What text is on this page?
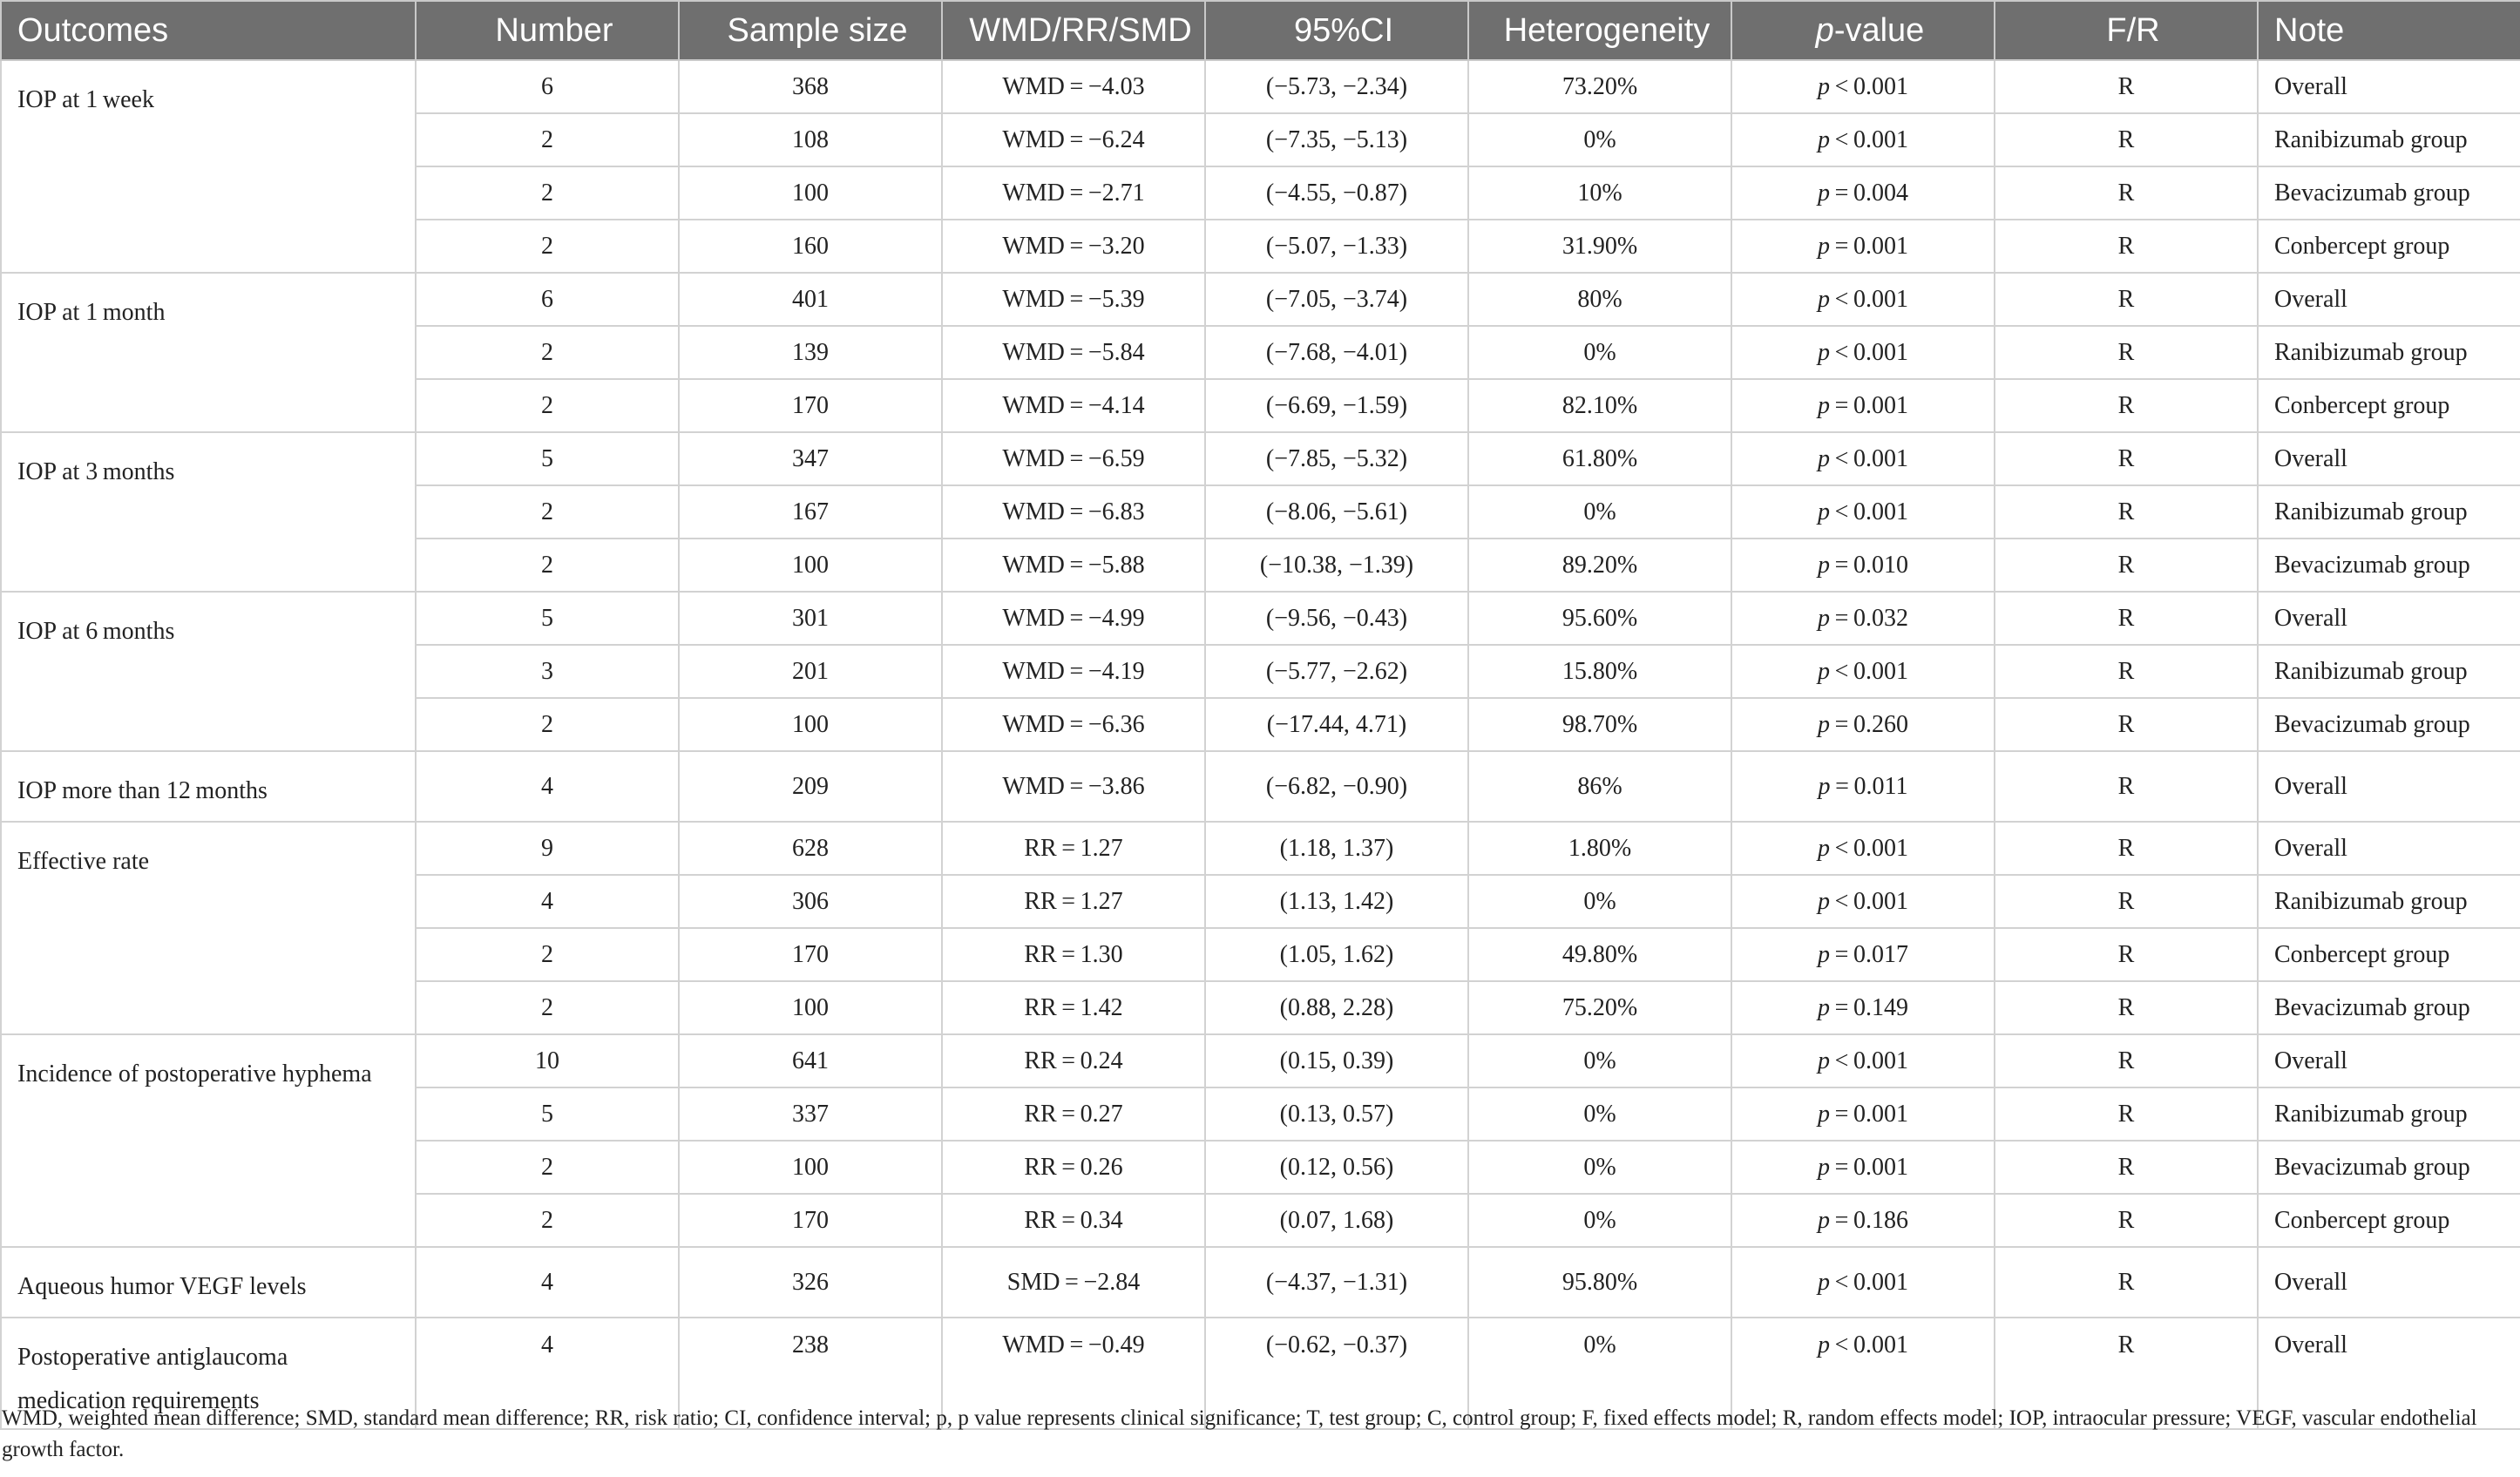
Outcomes	Number	Sample size	WMD/RR/SMD	95%CI	Heterogeneity	p-value	F/R	Note
IOP at 1 week	6	368	WMD = −4.03	(−5.73, −2.34)	73.20%	p < 0.001	R	Overall
	2	108	WMD = −6.24	(−7.35, −5.13)	0%	p < 0.001	R	Ranibizumab group
	2	100	WMD = −2.71	(−4.55, −0.87)	10%	p = 0.004	R	Bevacizumab group
	2	160	WMD = −3.20	(−5.07, −1.33)	31.90%	p = 0.001	R	Conbercept group
IOP at 1 month	6	401	WMD = −5.39	(−7.05, −3.74)	80%	p < 0.001	R	Overall
	2	139	WMD = −5.84	(−7.68, −4.01)	0%	p < 0.001	R	Ranibizumab group
	2	170	WMD = −4.14	(−6.69, −1.59)	82.10%	p = 0.001	R	Conbercept group
IOP at 3 months	5	347	WMD = −6.59	(−7.85, −5.32)	61.80%	p < 0.001	R	Overall
	2	167	WMD = −6.83	(−8.06, −5.61)	0%	p < 0.001	R	Ranibizumab group
	2	100	WMD = −5.88	(−10.38, −1.39)	89.20%	p = 0.010	R	Bevacizumab group
IOP at 6 months	5	301	WMD = −4.99	(−9.56, −0.43)	95.60%	p = 0.032	R	Overall
	3	201	WMD = −4.19	(−5.77, −2.62)	15.80%	p < 0.001	R	Ranibizumab group
	2	100	WMD = −6.36	(−17.44, 4.71)	98.70%	p = 0.260	R	Bevacizumab group
IOP more than 12 months	4	209	WMD = −3.86	(−6.82, −0.90)	86%	p = 0.011	R	Overall
Effective rate	9	628	RR = 1.27	(1.18, 1.37)	1.80%	p < 0.001	R	Overall
	4	306	RR = 1.27	(1.13, 1.42)	0%	p < 0.001	R	Ranibizumab group
	2	170	RR = 1.30	(1.05, 1.62)	49.80%	p = 0.017	R	Conbercept group
	2	100	RR = 1.42	(0.88, 2.28)	75.20%	p = 0.149	R	Bevacizumab group
Incidence of postoperative hyphema	10	641	RR = 0.24	(0.15, 0.39)	0%	p < 0.001	R	Overall
	5	337	RR = 0.27	(0.13, 0.57)	0%	p = 0.001	R	Ranibizumab group
	2	100	RR = 0.26	(0.12, 0.56)	0%	p = 0.001	R	Bevacizumab group
	2	170	RR = 0.34	(0.07, 1.68)	0%	p = 0.186	R	Conbercept group
Aqueous humor VEGF levels	4	326	SMD = −2.84	(−4.37, −1.31)	95.80%	p < 0.001	R	Overall
Postoperative antiglaucoma medication requirements	4	238	WMD = −0.49	(−0.62, −0.37)	0%	p < 0.001	R	Overall
WMD, weighted mean difference; SMD, standard mean difference; RR, risk ratio; CI, confidence interval; p, p value represents clinical significance; T, test group; C, control group; F, fixed effects model; R, random effects model; IOP, intraocular pressure; VEGF, vascular endothelial growth factor.
